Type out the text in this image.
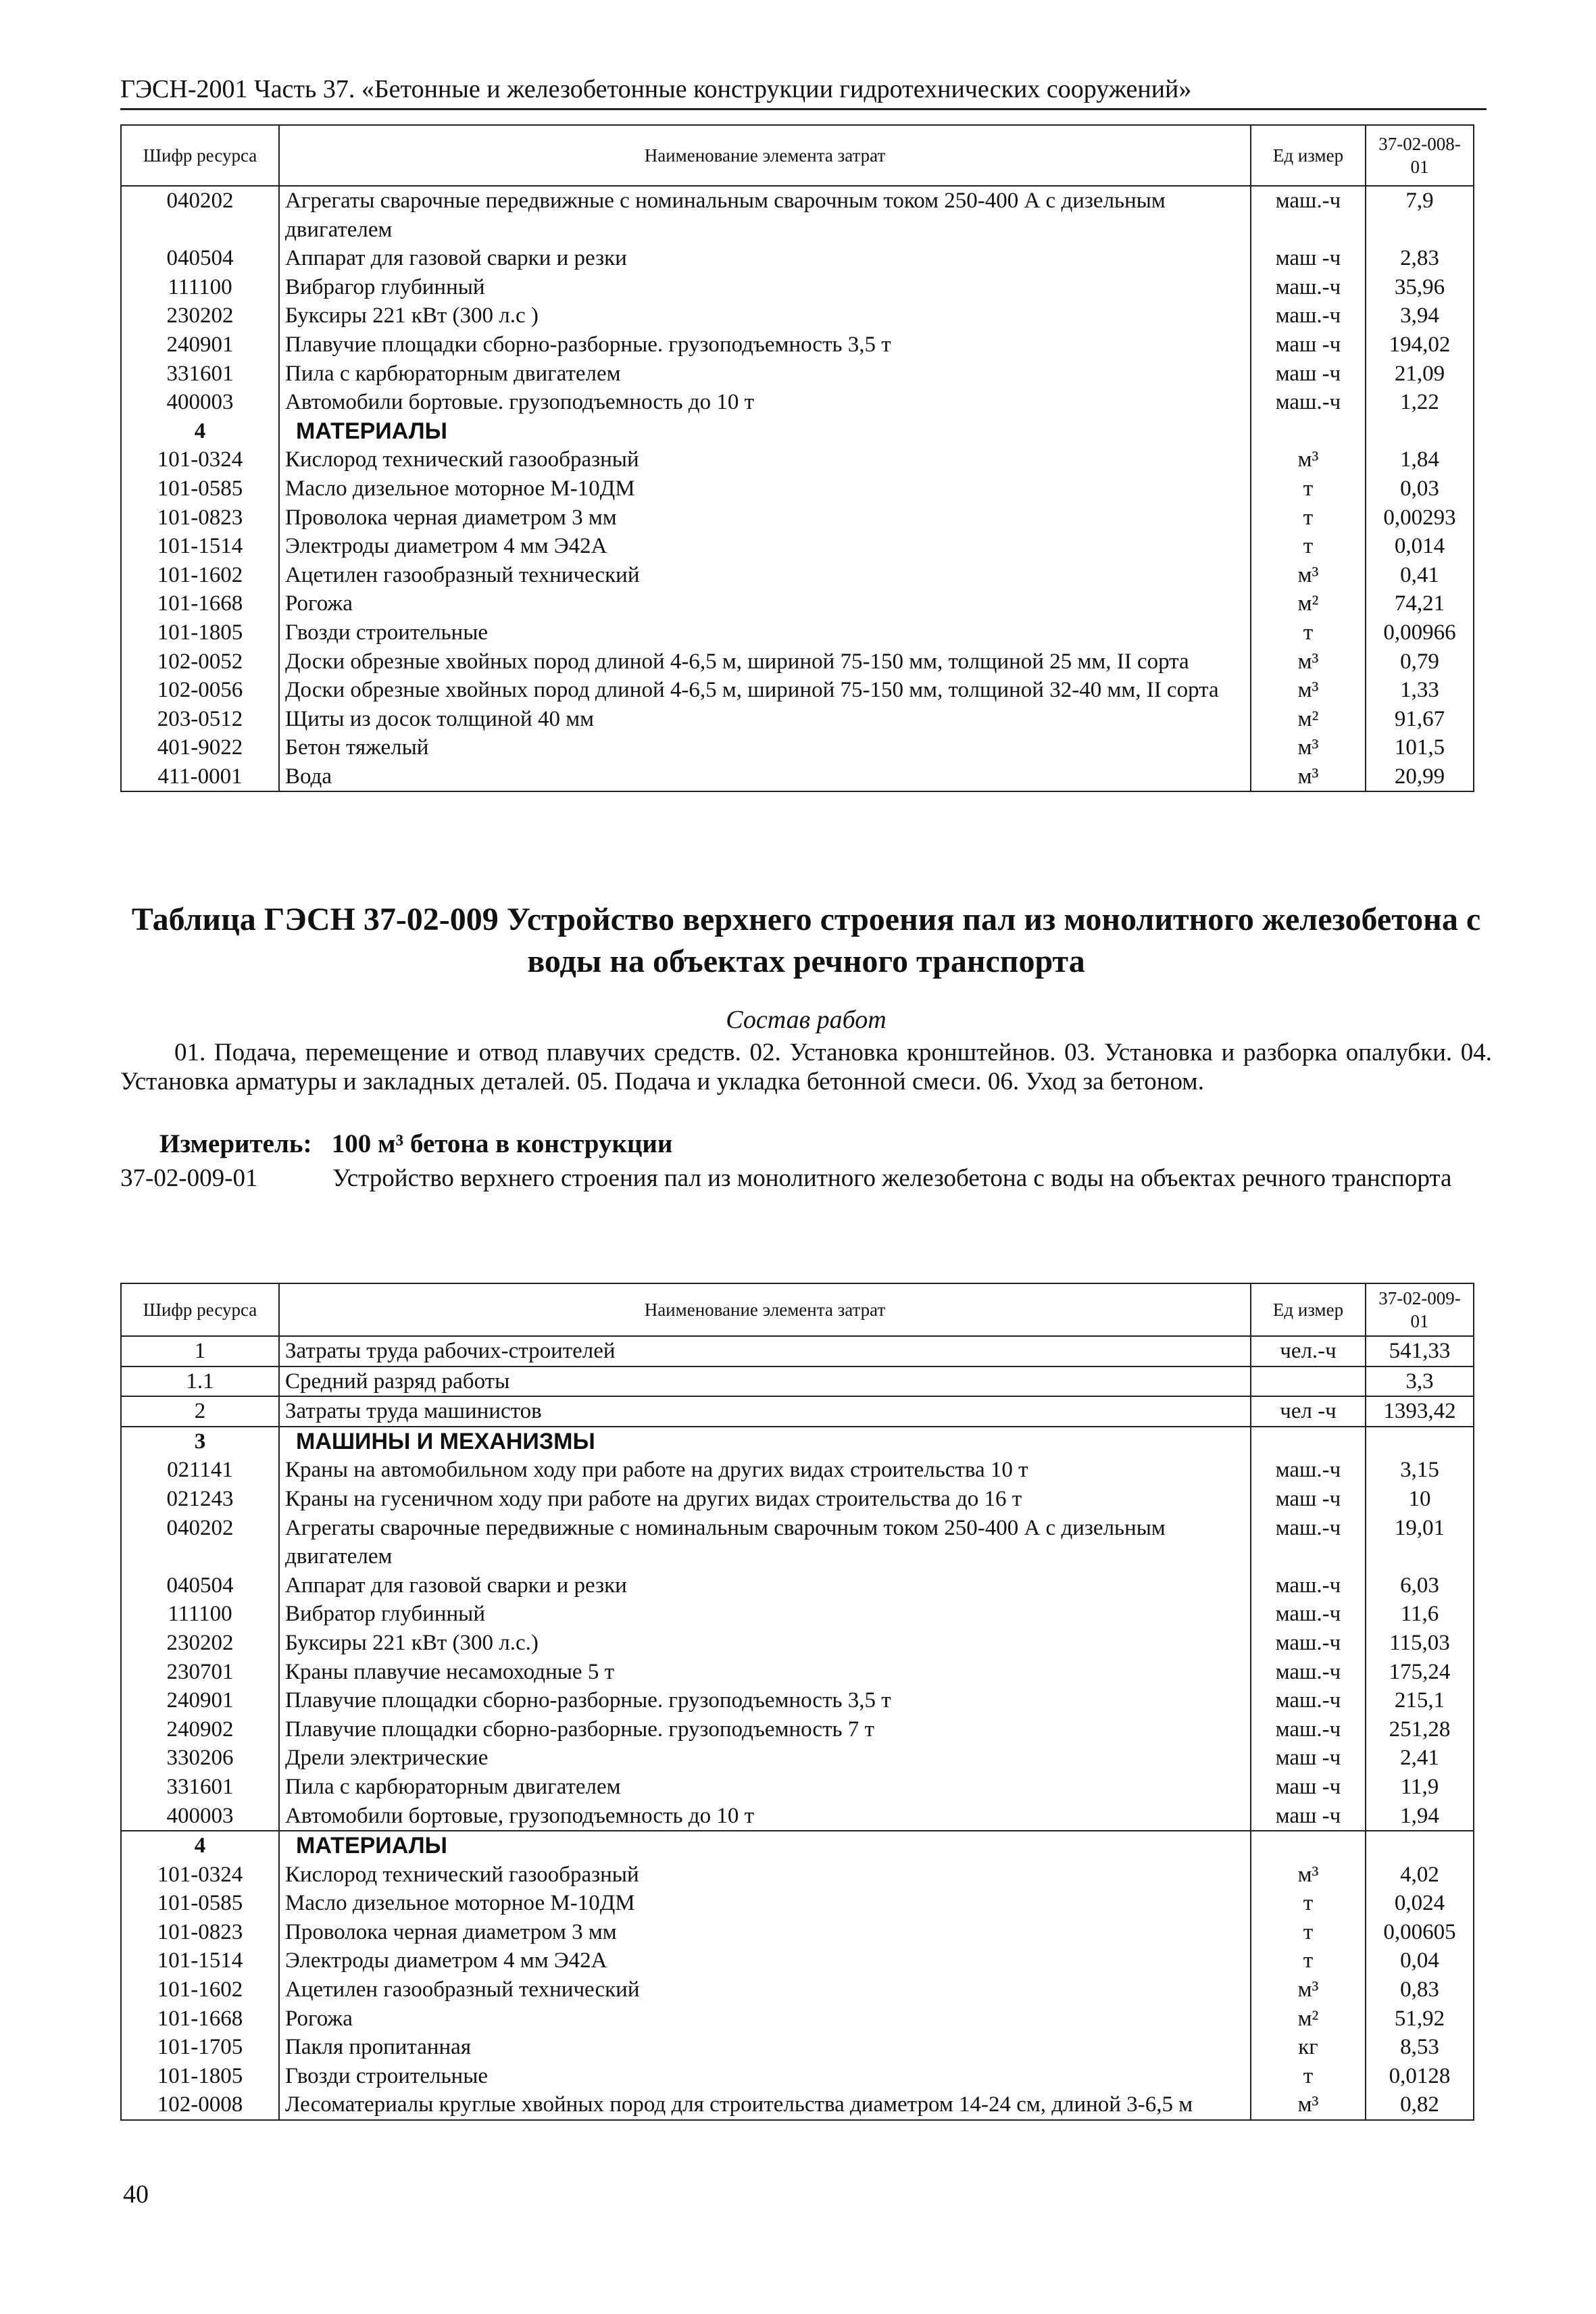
ГЭСН-2001 Часть 37. «Бетонные и железобетонные конструкции гидротехнических сооружений»
Шифр ресурса	Наименование элемента затрат	Ед измер	37-02-008-01
040202	Агрегаты сварочные передвижные с номинальным сварочным током 250-400 А с дизельным двигателем	маш.-ч	7,9
040504	Аппарат для газовой сварки и резки	маш -ч	2,83
111100	Вибрагор глубинный	маш.-ч	35,96
230202	Буксиры 221 кВт (300 л.с )	маш.-ч	3,94
240901	Плавучие площадки сборно-разборные. грузоподъемность 3,5 т	маш -ч	194,02
331601	Пила с карбюраторным двигателем	маш -ч	21,09
400003	Автомобили бортовые. грузоподъемность до 10 т	маш.-ч	1,22
4	МАТЕРИАЛЫ		
101-0324	Кислород технический газообразный	м³	1,84
101-0585	Масло дизельное моторное М-10ДМ	т	0,03
101-0823	Проволока черная диаметром 3 мм	т	0,00293
101-1514	Электроды диаметром 4 мм Э42А	т	0,014
101-1602	Ацетилен газообразный технический	м³	0,41
101-1668	Рогожа	м²	74,21
101-1805	Гвозди строительные	т	0,00966
102-0052	Доски обрезные хвойных пород длиной 4-6,5 м, шириной 75-150 мм, толщиной 25 мм, II сорта	м³	0,79
102-0056	Доски обрезные хвойных пород длиной 4-6,5 м, шириной 75-150 мм, толщиной 32-40 мм, II сорта	м³	1,33
203-0512	Щиты из досок толщиной 40 мм	м²	91,67
401-9022	Бетон тяжелый	м³	101,5
411-0001	Вода	м³	20,99
Таблица ГЭСН 37-02-009 Устройство верхнего строения пал из монолитного железобетона с воды на объектах речного транспорта
Состав работ
01. Подача, перемещение и отвод плавучих средств. 02. Установка кронштейнов. 03. Установка и разборка опалубки. 04. Установка арматуры и закладных деталей. 05. Подача и укладка бетонной смеси. 06. Уход за бетоном.
Измеритель: 100 м³ бетона в конструкции
37-02-009-01	Устройство верхнего строения пал из монолитного железобетона с воды на объектах речного транспорта
Шифр ресурса	Наименование элемента затрат	Ед измер	37-02-009-01
1	Затраты труда рабочих-строителей	чел.-ч	541,33
1.1	Средний разряд работы		3,3
2	Затраты труда машинистов	чел -ч	1393,42
3	МАШИНЫ И МЕХАНИЗМЫ		
021141	Краны на автомобильном ходу при работе на других видах строительства 10 т	маш.-ч	3,15
021243	Краны на гусеничном ходу при работе на других видах строительства до 16 т	маш -ч	10
040202	Агрегаты сварочные передвижные с номинальным сварочным током 250-400 А с дизельным двигателем	маш.-ч	19,01
040504	Аппарат для газовой сварки и резки	маш.-ч	6,03
111100	Вибратор глубинный	маш.-ч	11,6
230202	Буксиры 221 кВт (300 л.с.)	маш.-ч	115,03
230701	Краны плавучие несамоходные 5 т	маш.-ч	175,24
240901	Плавучие площадки сборно-разборные. грузоподъемность 3,5 т	маш.-ч	215,1
240902	Плавучие площадки сборно-разборные. грузоподъемность 7 т	маш.-ч	251,28
330206	Дрели электрические	маш -ч	2,41
331601	Пила с карбюраторным двигателем	маш -ч	11,9
400003	Автомобили бортовые, грузоподъемность до 10 т	маш -ч	1,94
4	МАТЕРИАЛЫ		
101-0324	Кислород технический газообразный	м³	4,02
101-0585	Масло дизельное моторное М-10ДМ	т	0,024
101-0823	Проволока черная диаметром 3 мм	т	0,00605
101-1514	Электроды диаметром 4 мм Э42А	т	0,04
101-1602	Ацетилен газообразный технический	м³	0,83
101-1668	Рогожа	м²	51,92
101-1705	Пакля пропитанная	кг	8,53
101-1805	Гвозди строительные	т	0,0128
102-0008	Лесоматериалы круглые хвойных пород для строительства диаметром 14-24 см, длиной 3-6,5 м	м³	0,82
40
